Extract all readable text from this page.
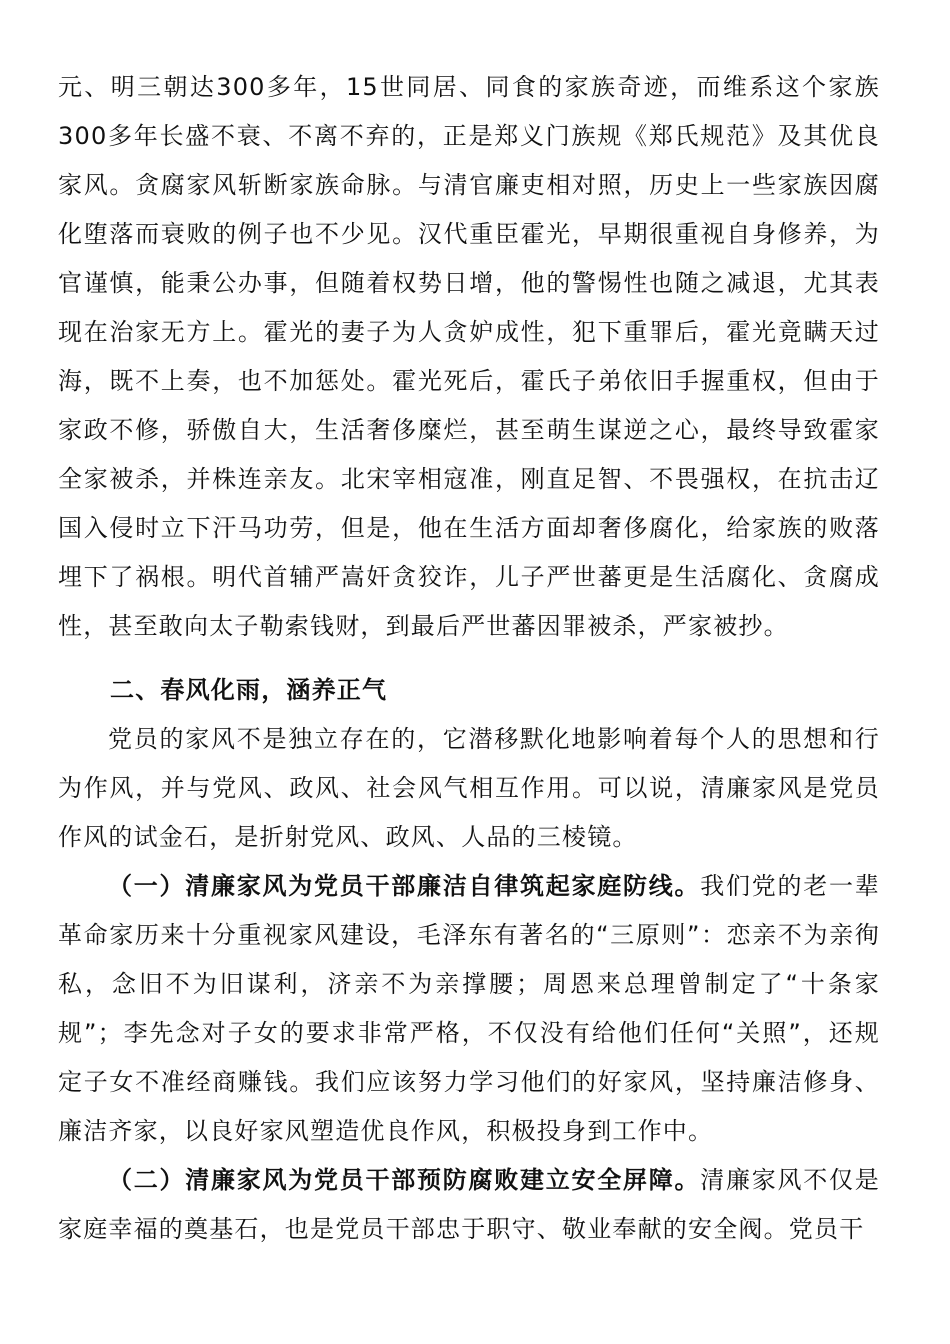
元、明三朝达300多年，15世同居、同食的家族奇迹，而维系这个家族300多年长盛不衰、不离不弃的，正是郑义门族规《郑氏规范》及其优良家风。贪腐家风斩断家族命脉。与清官廉吏相对照，历史上一些家族因腐化堕落而衰败的例子也不少见。汉代重臣霍光，早期很重视自身修养，为官谨慎，能秉公办事，但随着权势日增，他的警惕性也随之减退，尤其表现在治家无方上。霍光的妻子为人贪妒成性，犯下重罪后，霍光竟瞒天过海，既不上奏，也不加惩处。霍光死后，霍氏子弟依旧手握重权，但由于家政不修，骄傲自大，生活奢侈糜烂，甚至萌生谋逆之心，最终导致霍家全家被杀，并株连亲友。北宋宰相寇准，刚直足智、不畏强权，在抗击辽国入侵时立下汗马功劳，但是，他在生活方面却奢侈腐化，给家族的败落埋下了祸根。明代首辅严嵩奸贪狡诈，儿子严世蕃更是生活腐化、贪腐成性，甚至敢向太子勒索钱财，到最后严世蕃因罪被杀，严家被抄。

二、春风化雨，涵养正气

党员的家风不是独立存在的，它潜移默化地影响着每个人的思想和行为作风，并与党风、政风、社会风气相互作用。可以说，清廉家风是党员作风的试金石，是折射党风、政风、人品的三棱镜。

（一）清廉家风为党员干部廉洁自律筑起家庭防线。我们党的老一辈革命家历来十分重视家风建设，毛泽东有著名的“三原则”：恋亲不为亲徇私，念旧不为旧谋利，济亲不为亲撑腰；周恩来总理曾制定了“十条家规”；李先念对子女的要求非常严格，不仅没有给他们任何“关照”，还规定子女不准经商赚钱。我们应该努力学习他们的好家风，坚持廉洁修身、廉洁齐家，以良好家风塑造优良作风，积极投身到工作中。

（二）清廉家风为党员干部预防腐败建立安全屏障。清廉家风不仅是家庭幸福的奠基石，也是党员干部忠于职守、敬业奉献的安全阀。党员干
